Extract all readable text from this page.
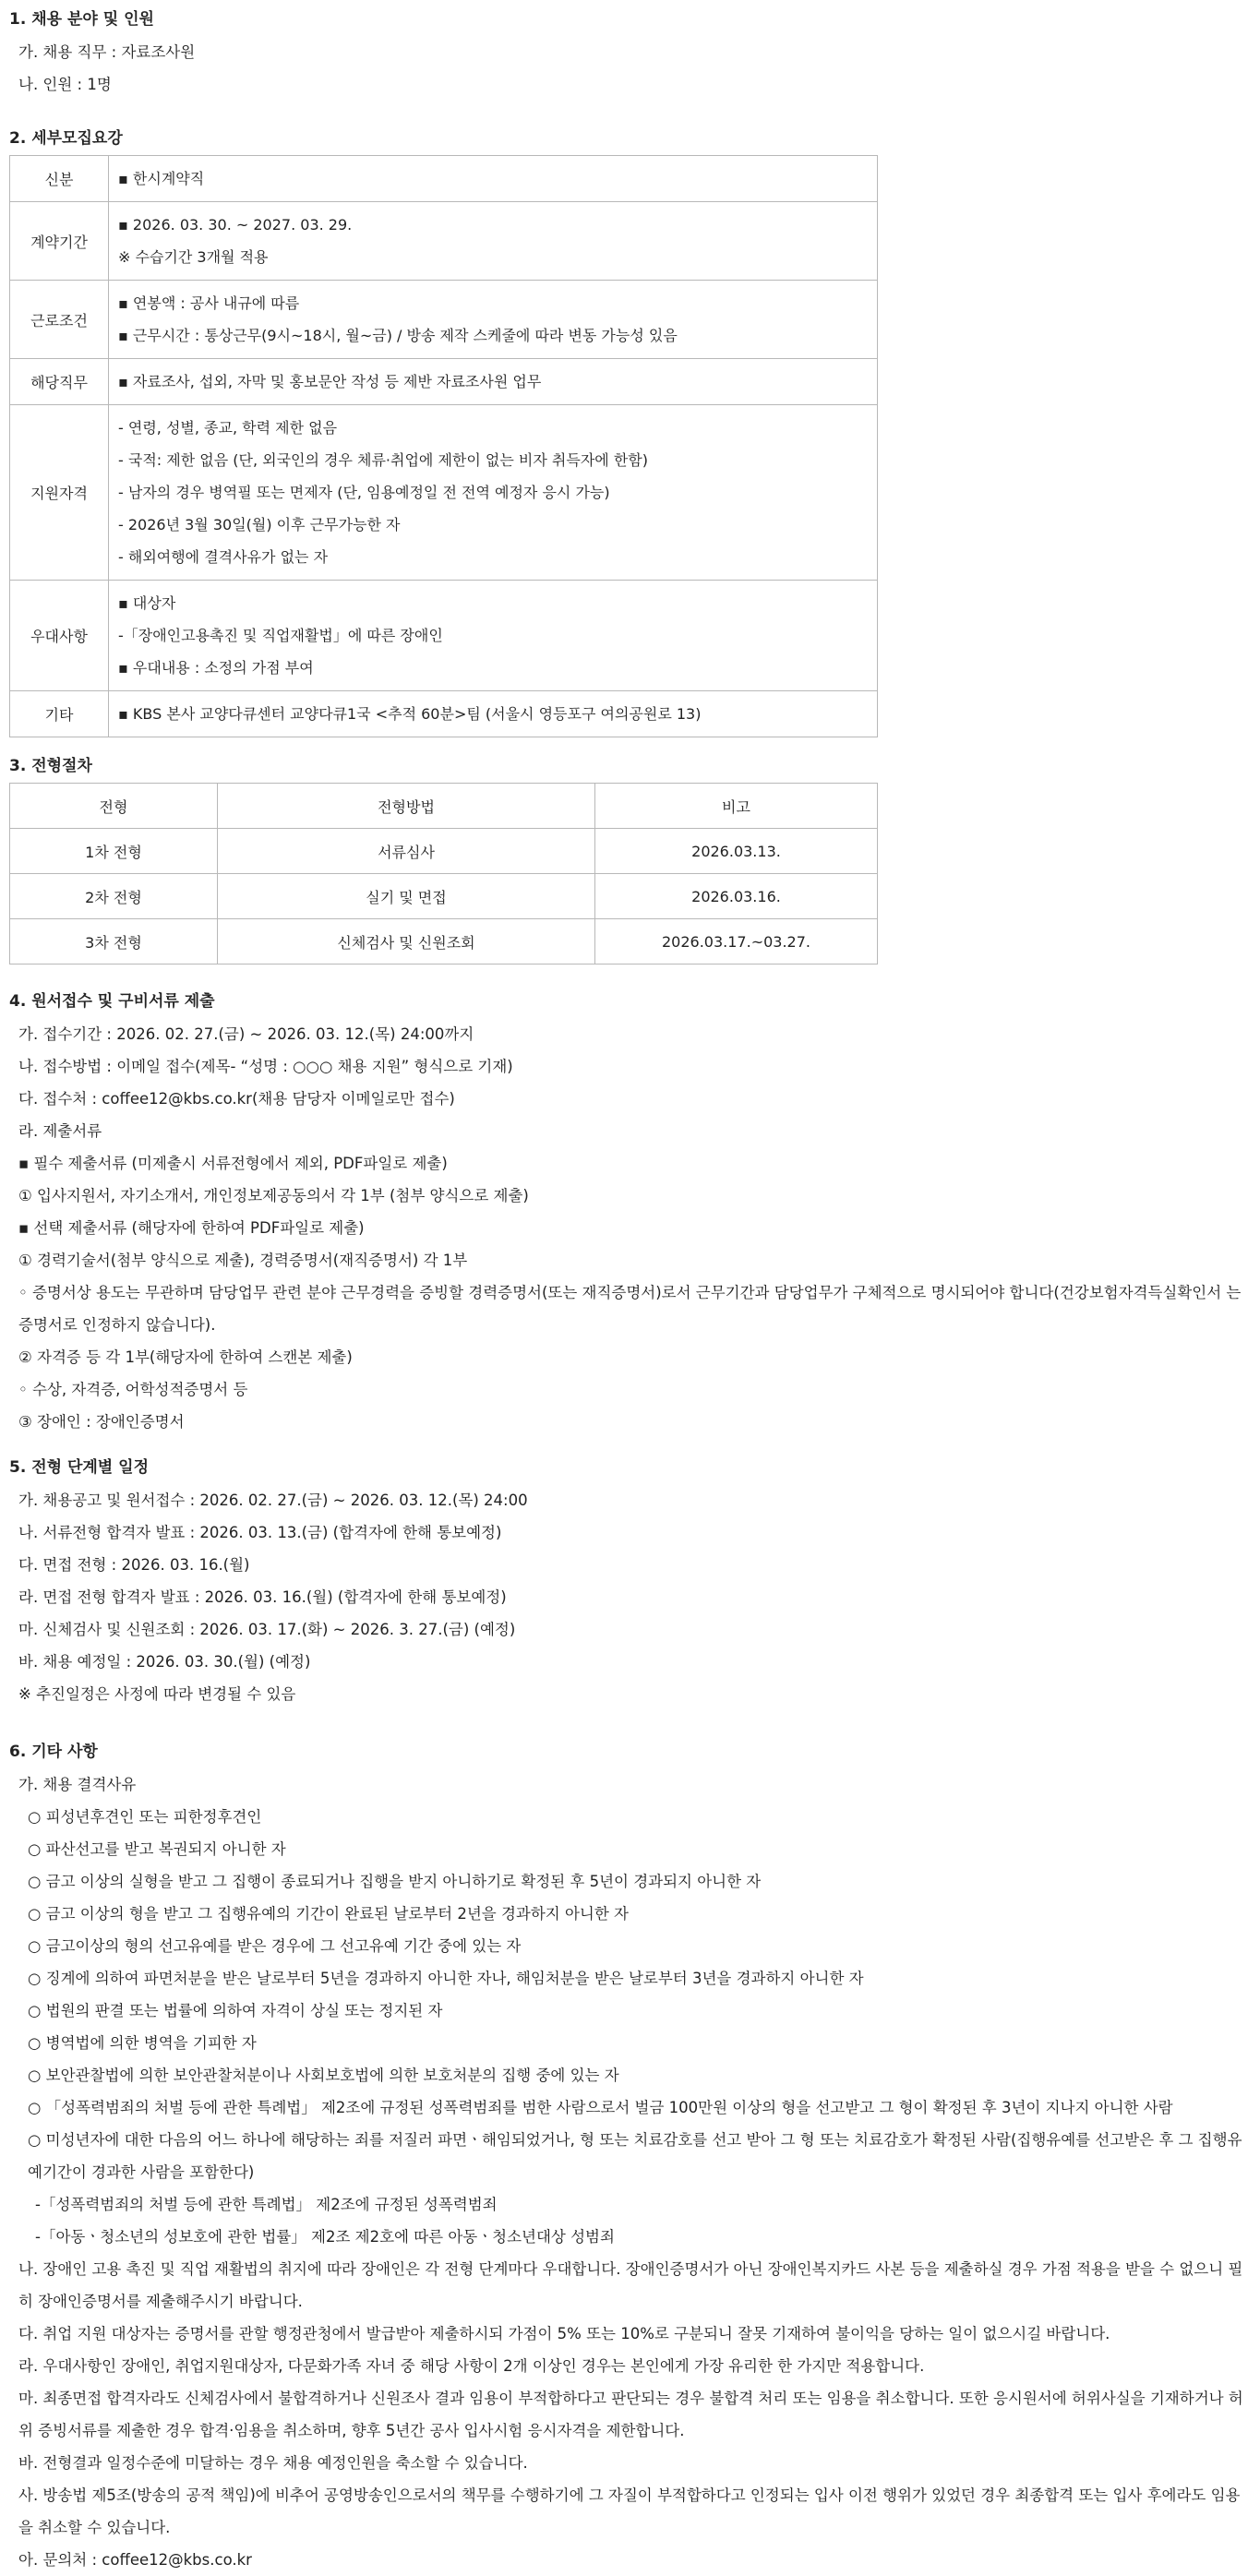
1. 채용 분야 및 인원
가. 채용 직무 : 자료조사원
나. 인원 : 1명
2. 세부모집요강
신분	▪ 한시계약직

계약기간	▪ 2026. 03. 30. ~ 2027. 03. 29.
※ 수습기간 3개월 적용

근로조건	▪ 연봉액 : 공사 내규에 따름
▪ 근무시간 : 통상근무(9시~18시, 월~금) / 방송 제작 스케줄에 따라 변동 가능성 있음

해당직무	▪ 자료조사, 섭외, 자막 및 홍보문안 작성 등 제반 자료조사원 업무

지원자격	- 연령, 성별, 종교, 학력 제한 없음
- 국적: 제한 없음 (단, 외국인의 경우 체류·취업에 제한이 없는 비자 취득자에 한함)
- 남자의 경우 병역필 또는 면제자 (단, 임용예정일 전 전역 예정자 응시 가능)
- 2026년 3월 30일(월) 이후 근무가능한 자
- 해외여행에 결격사유가 없는 자

우대사항	▪ 대상자
-「장애인고용촉진 및 직업재활법」에 따른 장애인
▪ 우대내용 : 소정의 가점 부여

기타	▪ KBS 본사 교양다큐센터 교양다큐1국 <추적 60분>팀 (서울시 영등포구 여의공원로 13)
3. 전형절차
전형	전형방법	비고
1차 전형	서류심사	2026.03.13.
2차 전형	실기 및 면접	2026.03.16.
3차 전형	신체검사 및 신원조회	2026.03.17.~03.27.
4. 원서접수 및 구비서류 제출
가. 접수기간 : 2026. 02. 27.(금) ~ 2026. 03. 12.(목) 24:00까지
나. 접수방법 : 이메일 접수(제목- “성명 : ○○○ 채용 지원” 형식으로 기재)
다. 접수처 : coffee12@kbs.co.kr(채용 담당자 이메일로만 접수)
라. 제출서류
▪ 필수 제출서류 (미제출시 서류전형에서 제외, PDF파일로 제출)
① 입사지원서, 자기소개서, 개인정보제공동의서 각 1부 (첨부 양식으로 제출)
▪ 선택 제출서류 (해당자에 한하여 PDF파일로 제출)
① 경력기술서(첨부 양식으로 제출), 경력증명서(재직증명서) 각 1부
◦ 증명서상 용도는 무관하며 담당업무 관련 분야 근무경력을 증빙할 경력증명서(또는 재직증명서)로서 근무기간과 담당업무가 구체적으로 명시되어야 합니다(건강보험자격득실확인서 는 증명서로 인정하지 않습니다).
② 자격증 등 각 1부(해당자에 한하여 스캔본 제출)
◦ 수상, 자격증, 어학성적증명서 등
③ 장애인 : 장애인증명서
5. 전형 단계별 일정
가. 채용공고 및 원서접수 : 2026. 02. 27.(금) ~ 2026. 03. 12.(목) 24:00
나. 서류전형 합격자 발표 : 2026. 03. 13.(금) (합격자에 한해 통보예정)
다. 면접 전형 : 2026. 03. 16.(월)
라. 면접 전형 합격자 발표 : 2026. 03. 16.(월) (합격자에 한해 통보예정)
마. 신체검사 및 신원조회 : 2026. 03. 17.(화) ~ 2026. 3. 27.(금) (예정)
바. 채용 예정일 : 2026. 03. 30.(월) (예정)
※ 추진일정은 사정에 따라 변경될 수 있음
6. 기타 사항
가. 채용 결격사유
○ 피성년후견인 또는 피한정후견인
○ 파산선고를 받고 복권되지 아니한 자
○ 금고 이상의 실형을 받고 그 집행이 종료되거나 집행을 받지 아니하기로 확정된 후 5년이 경과되지 아니한 자
○ 금고 이상의 형을 받고 그 집행유예의 기간이 완료된 날로부터 2년을 경과하지 아니한 자
○ 금고이상의 형의 선고유예를 받은 경우에 그 선고유예 기간 중에 있는 자
○ 징계에 의하여 파면처분을 받은 날로부터 5년을 경과하지 아니한 자나, 해임처분을 받은 날로부터 3년을 경과하지 아니한 자
○ 법원의 판결 또는 법률에 의하여 자격이 상실 또는 정지된 자
○ 병역법에 의한 병역을 기피한 자
○ 보안관찰법에 의한 보안관찰처분이나 사회보호법에 의한 보호처분의 집행 중에 있는 자
○ 「성폭력범죄의 처벌 등에 관한 특례법」 제2조에 규정된 성폭력범죄를 범한 사람으로서 벌금 100만원 이상의 형을 선고받고 그 형이 확정된 후 3년이 지나지 아니한 사람
○ 미성년자에 대한 다음의 어느 하나에 해당하는 죄를 저질러 파면ㆍ해임되었거나, 형 또는 치료감호를 선고 받아 그 형 또는 치료감호가 확정된 사람(집행유예를 선고받은 후 그 집행유예기간이 경과한 사람을 포함한다)
-「성폭력범죄의 처벌 등에 관한 특례법」 제2조에 규정된 성폭력범죄
-「아동ㆍ청소년의 성보호에 관한 법률」 제2조 제2호에 따른 아동ㆍ청소년대상 성범죄
나. 장애인 고용 촉진 및 직업 재활법의 취지에 따라 장애인은 각 전형 단계마다 우대합니다. 장애인증명서가 아닌 장애인복지카드 사본 등을 제출하실 경우 가점 적용을 받을 수 없으니 필히 장애인증명서를 제출해주시기 바랍니다.
다. 취업 지원 대상자는 증명서를 관할 행정관청에서 발급받아 제출하시되 가점이 5% 또는 10%로 구분되니 잘못 기재하여 불이익을 당하는 일이 없으시길 바랍니다.
라. 우대사항인 장애인, 취업지원대상자, 다문화가족 자녀 중 해당 사항이 2개 이상인 경우는 본인에게 가장 유리한 한 가지만 적용합니다.
마. 최종면접 합격자라도 신체검사에서 불합격하거나 신원조사 결과 임용이 부적합하다고 판단되는 경우 불합격 처리 또는 임용을 취소합니다. 또한 응시원서에 허위사실을 기재하거나 허위 증빙서류를 제출한 경우 합격·임용을 취소하며, 향후 5년간 공사 입사시험 응시자격을 제한합니다.
바. 전형결과 일정수준에 미달하는 경우 채용 예정인원을 축소할 수 있습니다.
사. 방송법 제5조(방송의 공적 책임)에 비추어 공영방송인으로서의 책무를 수행하기에 그 자질이 부적합하다고 인정되는 입사 이전 행위가 있었던 경우 최종합격 또는 입사 후에라도 임용을 취소할 수 있습니다.
아. 문의처 : coffee12@kbs.co.kr
